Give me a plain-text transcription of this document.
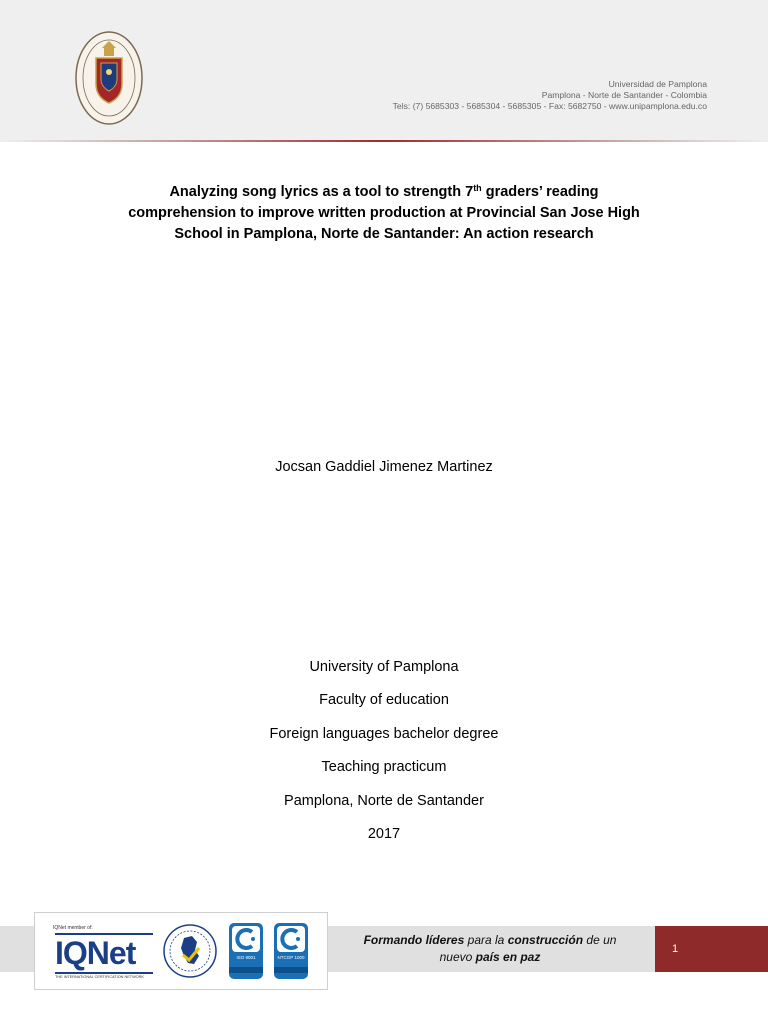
Universidad de Pamplona
Pamplona - Norte de Santander - Colombia
Tels: (7) 5685303 - 5685304 - 5685305 - Fax: 5682750 - www.unipamplona.edu.co
Analyzing song lyrics as a tool to strength 7th graders’ reading comprehension to improve written production at Provincial San Jose High School in Pamplona, Norte de Santander: An action research
Jocsan Gaddiel Jimenez Martinez
University of Pamplona
Faculty of education
Foreign languages bachelor degree
Teaching practicum
Pamplona, Norte de Santander
2017
1
Formando líderes para la construcción de un
nuevo país en paz
IQNet member of:
IQNet
THE INTERNATIONAL CERTIFICATION NETWORK
ISO 9001	NTCGP 1000
